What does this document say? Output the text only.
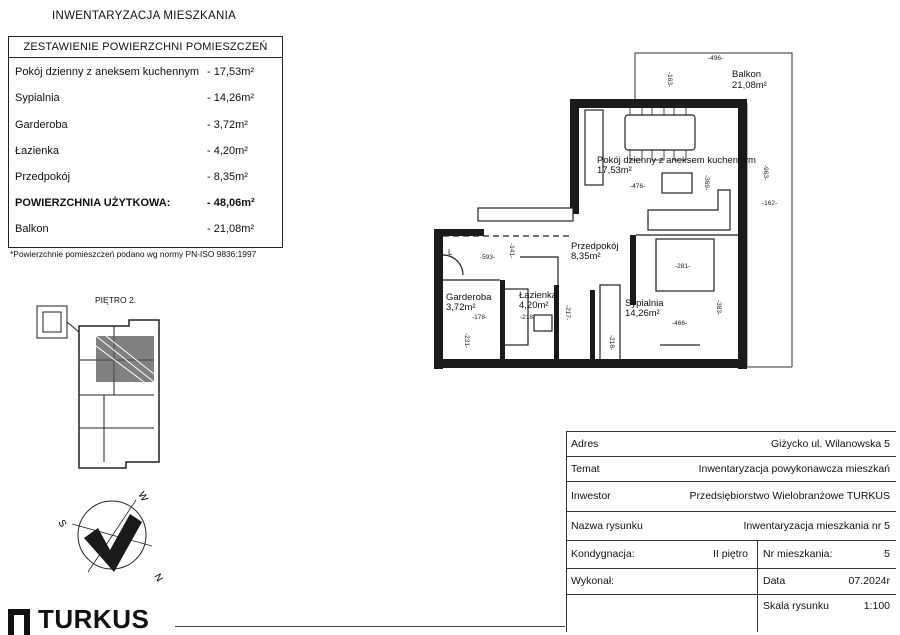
INWENTARYZACJA MIESZKANIA
ZESTAWIENIE POWIERZCHNI POMIESZCZEŃ
Pokój dzienny z aneksem kuchennym - 17,53m²
Sypialnia	- 14,26m²
Garderoba	- 3,72m²
Łazienka	- 4,20m²
Przedpokój	- 8,35m²
POWIERZCHNIA UŻYTKOWA:	- 48,06m²
Balkon	- 21,08m²
*Powierzchnie pomieszczeń podano wg normy PN-ISO 9836:1997
PIĘTRO 2.
S
W
N
Balkon
21,08m²
Pokój dzienny z aneksem kuchennym
17,53m²
Przedpokój
8,35m²
Garderoba
3,72m²
Łazienka
4,20m²	Sypialnia
14,26m²
-496-
-163-
-963-
-162-
-476-	-369-
-593- -141-
-281-
-383-
-178-	-218-
-218-
-466-
-231-
-217-
L
Adres	Giżycko ul. Wilanowska 5
Temat	Inwentaryzacja powykonawcza mieszkań
Inwestor	Przedsiębiorstwo Wielobranżowe TURKUS
Nazwa rysunku	Inwentaryzacja mieszkania nr 5
Kondygnacja:	II piętro Nr mieszkania:	5
Wykonał:	Data	07.2024r
Skala rysunku	1:100
TURKUS
